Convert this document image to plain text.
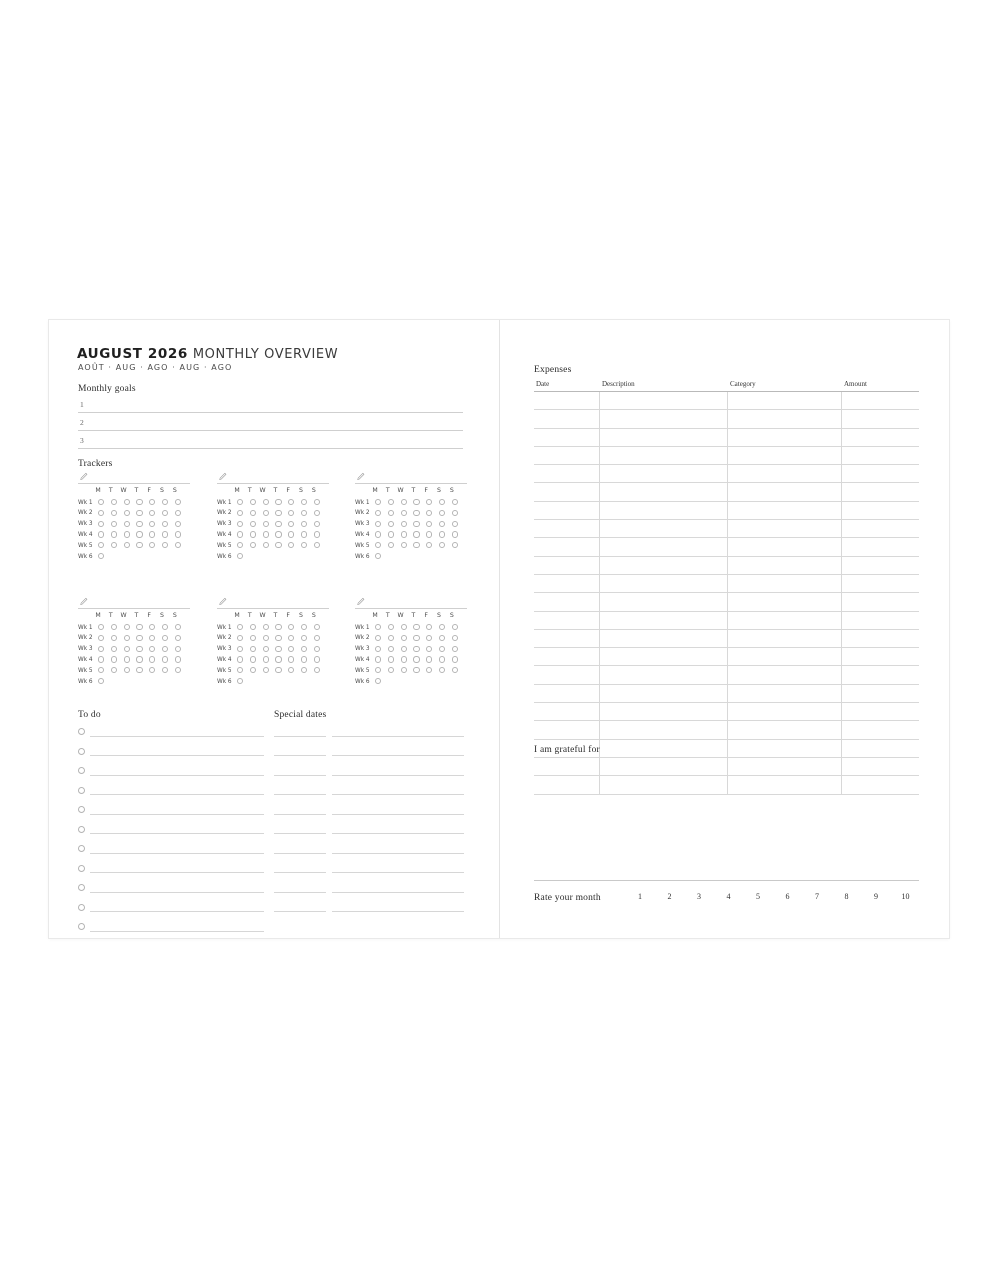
AUGUST 2026 MONTHLY OVERVIEW
AOÛT · AUG · AGO · AUG · AGO
Monthly goals
1
2
3
Trackers
M	T	W	T	F	S	S
Wk 1
Wk 2
Wk 3
Wk 4
Wk 5
Wk 6
M	T	W	T	F	S	S
Wk 1
Wk 2
Wk 3
Wk 4
Wk 5
Wk 6
M	T	W	T	F	S	S
Wk 1
Wk 2
Wk 3
Wk 4
Wk 5
Wk 6
M	T	W	T	F	S	S
Wk 1
Wk 2
Wk 3
Wk 4
Wk 5
Wk 6
M	T	W	T	F	S	S
Wk 1
Wk 2
Wk 3
Wk 4
Wk 5
Wk 6
M	T	W	T	F	S	S
Wk 1
Wk 2
Wk 3
Wk 4
Wk 5
Wk 6
To do	Special dates
Expenses
Date	Description	Category	Amount
I am grateful for
Rate your month	1	2	3	4	5	6	7	8	9	10
